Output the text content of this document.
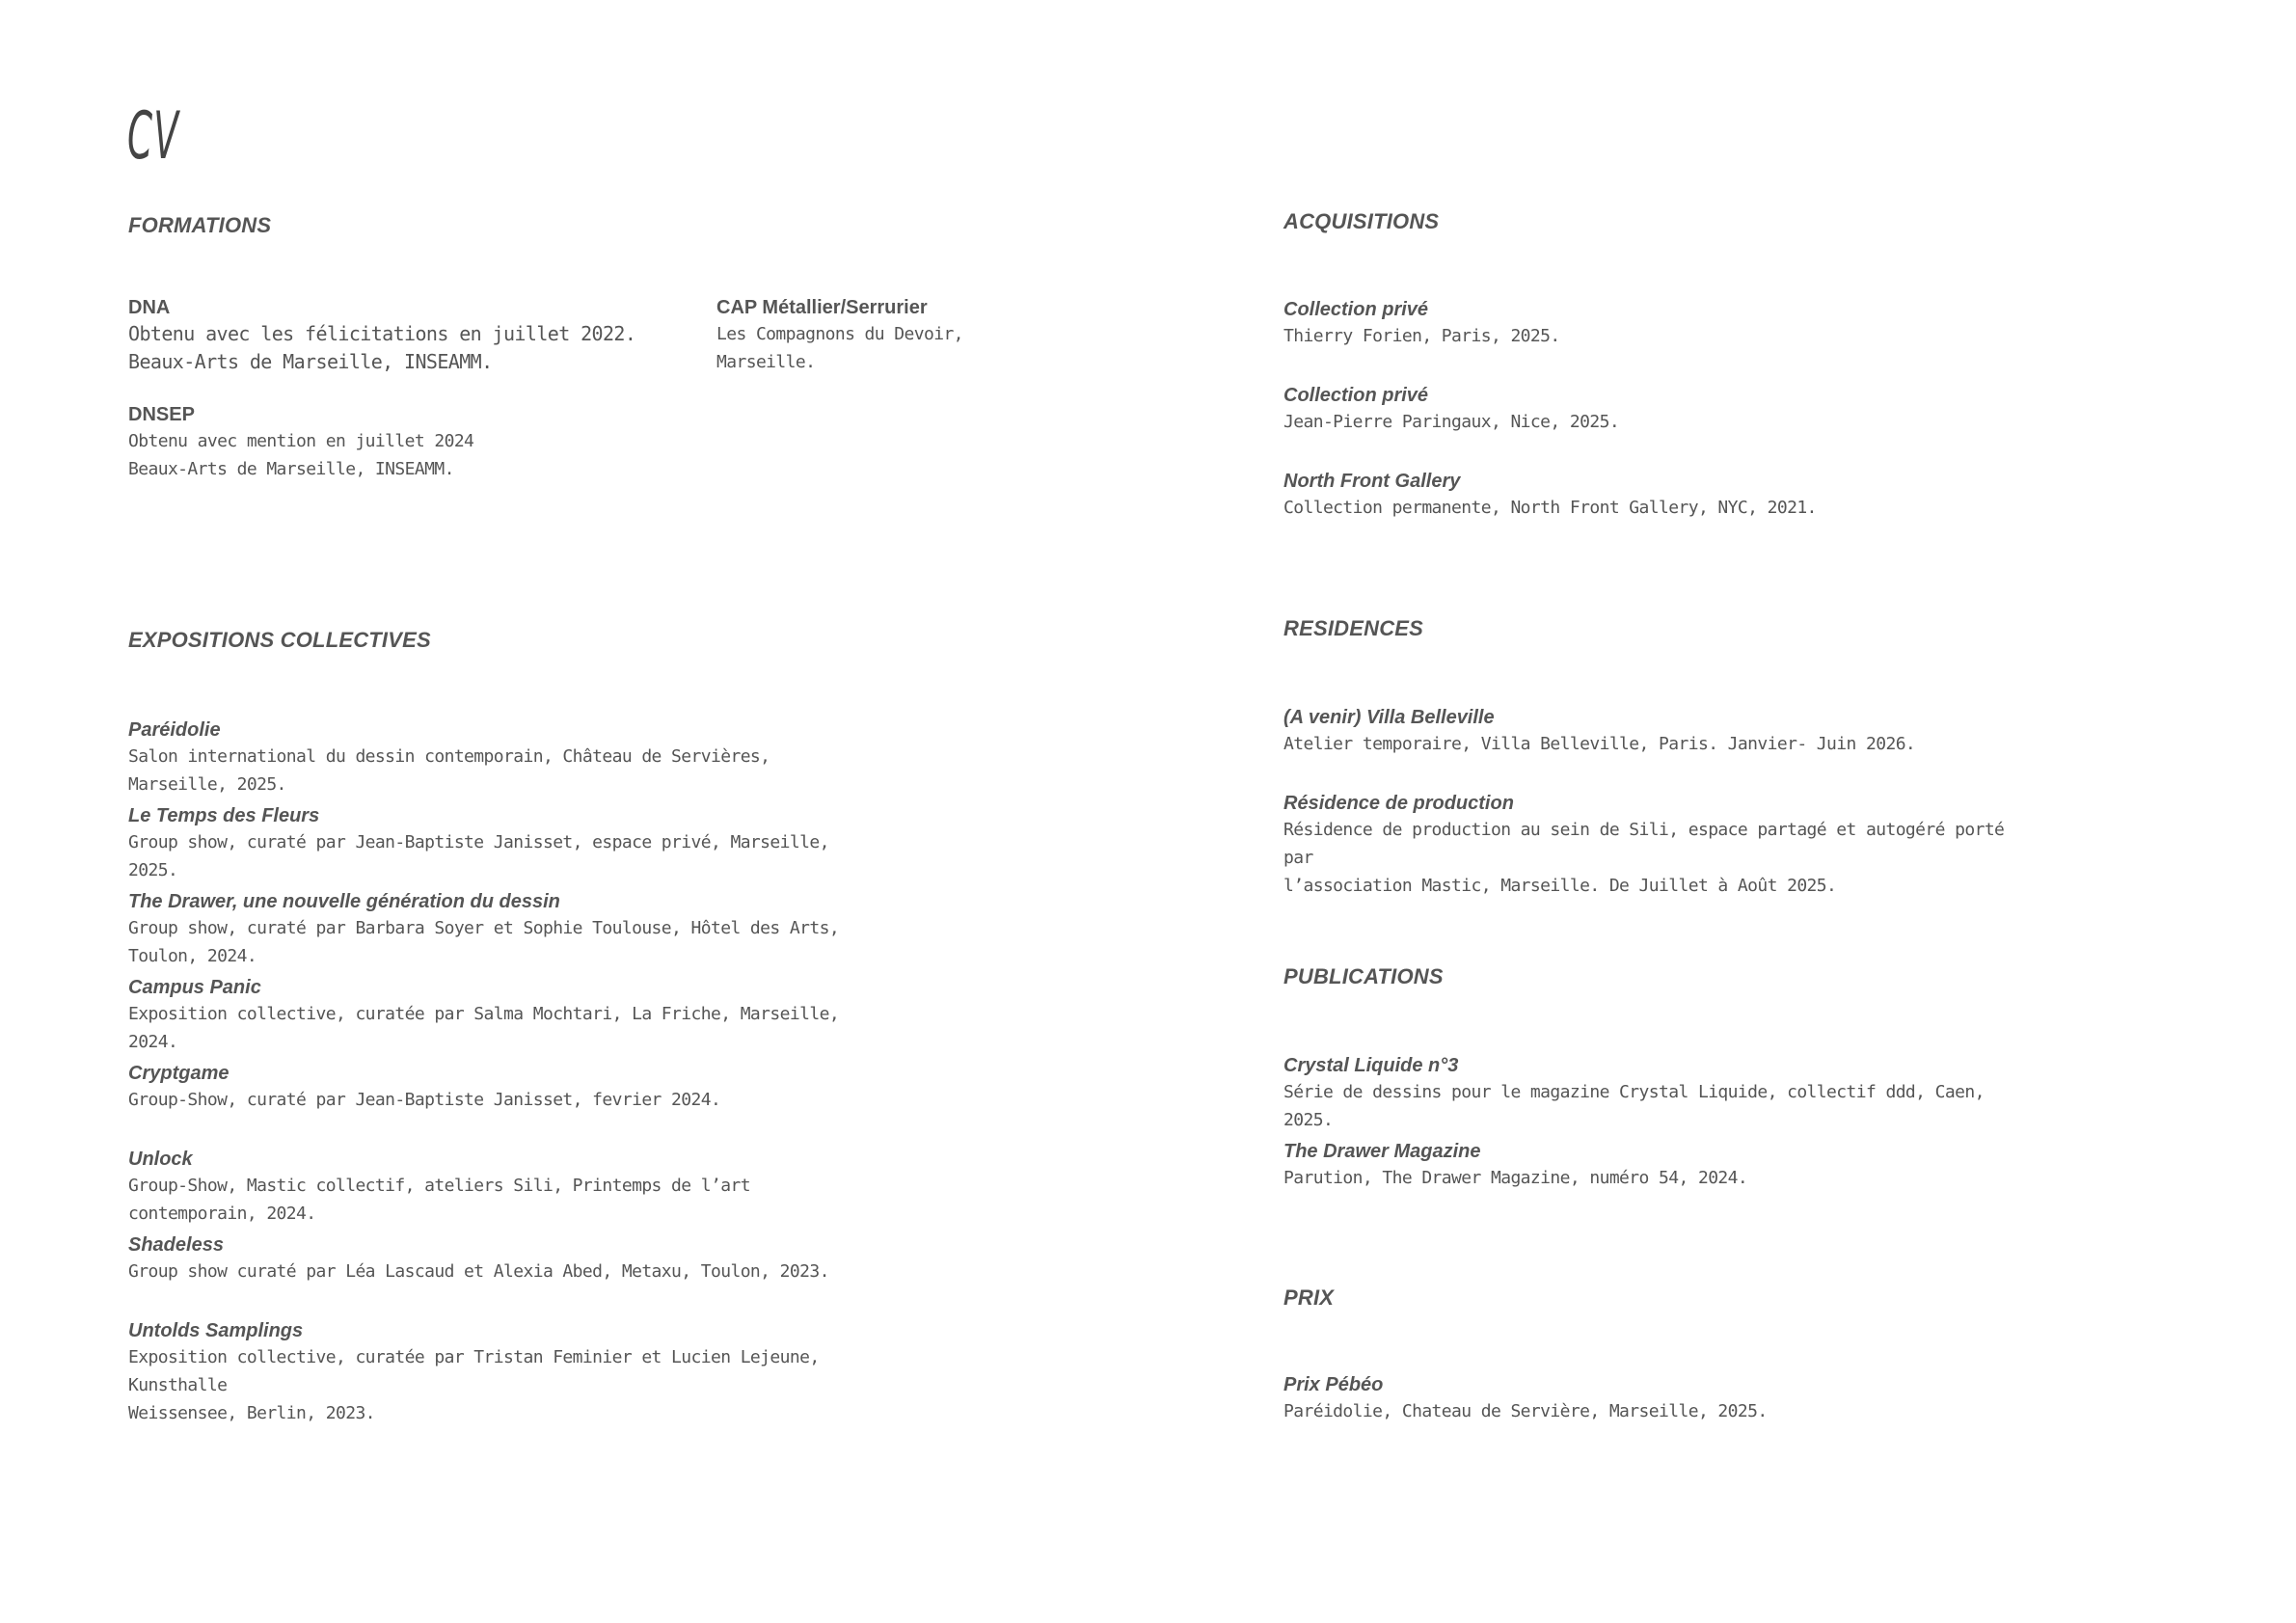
CV
FORMATIONS
DNA
Obtenu avec les félicitations en juillet 2022.
Beaux-Arts de Marseille, INSEAMM.
DNSEP
Obtenu avec mention en juillet 2024
Beaux-Arts de Marseille, INSEAMM.
CAP Métallier/Serrurier
Les Compagnons du Devoir,
Marseille.
EXPOSITIONS COLLECTIVES
Paréidolie
Salon international du dessin contemporain, Château de Servières, Marseille, 2025.
Le Temps des Fleurs
Group show, curaté par Jean-Baptiste Janisset, espace privé, Marseille, 2025.
The Drawer, une nouvelle génération du dessin
Group show, curaté par Barbara Soyer et Sophie Toulouse, Hôtel des Arts, Toulon, 2024.
Campus Panic
Exposition collective, curatée par Salma Mochtari, La Friche, Marseille, 2024.
Cryptgame
Group-Show, curaté par Jean-Baptiste Janisset, fevrier 2024.
Unlock
Group-Show, Mastic collectif, ateliers Sili, Printemps de l’art contemporain, 2024.
Shadeless
Group show curaté par Léa Lascaud et Alexia Abed, Metaxu, Toulon, 2023.
Untolds Samplings
Exposition collective, curatée par Tristan Feminier et Lucien Lejeune, Kunsthalle
Weissensee, Berlin, 2023.
ACQUISITIONS
Collection privé
Thierry Forien, Paris, 2025.
Collection privé
Jean-Pierre Paringaux, Nice, 2025.
North Front Gallery
Collection permanente, North Front Gallery, NYC, 2021.
RESIDENCES
(A venir) Villa Belleville
Atelier temporaire, Villa Belleville, Paris. Janvier- Juin 2026.
Résidence de production
Résidence de production au sein de Sili, espace partagé et autogéré porté par
l’association Mastic, Marseille. De Juillet à Août 2025.
PUBLICATIONS
Crystal Liquide n°3
Série de dessins pour le magazine Crystal Liquide, collectif ddd, Caen, 2025.
The Drawer Magazine
Parution, The Drawer Magazine, numéro 54, 2024.
PRIX
Prix Pébéo
Paréidolie, Chateau de Servière, Marseille, 2025.
